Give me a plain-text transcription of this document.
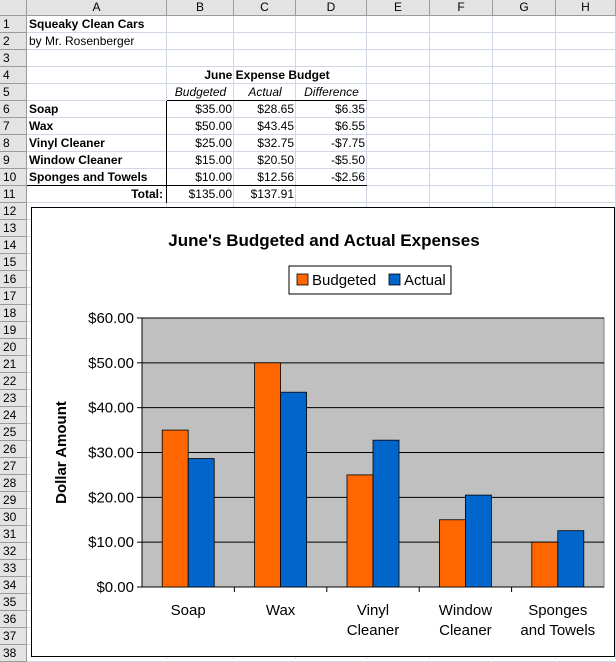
A	B	C	D	E	F	G	H
1
2
3
4
5
6
7
8
9
10
11
12
13
14
15
16
17
18
19
20
21
22
23
24
25
26
27
28
29
30
31
32
33
34
35
36
37
38
Squeaky Clean Cars
by Mr. Rosenberger
June Expense Budget
Budgeted	Actual	Difference
Soap	$35.00	$28.65	$6.35
Wax	$50.00	$43.45	$6.55
Vinyl Cleaner	$25.00	$32.75	-$7.75
Window Cleaner	$15.00	$20.50	-$5.50
Sponges and Towels	$10.00	$12.56	-$2.56
Total:	$135.00	$137.91
June's Budgeted and Actual Expenses
Budgeted Actual
$0.00
$10.00
$20.00
$30.00
$40.00
$50.00
$60.00
Dollar Amount
Soap	Wax	Vinyl
Cleaner
Window
Cleaner
Sponges
and Towels
